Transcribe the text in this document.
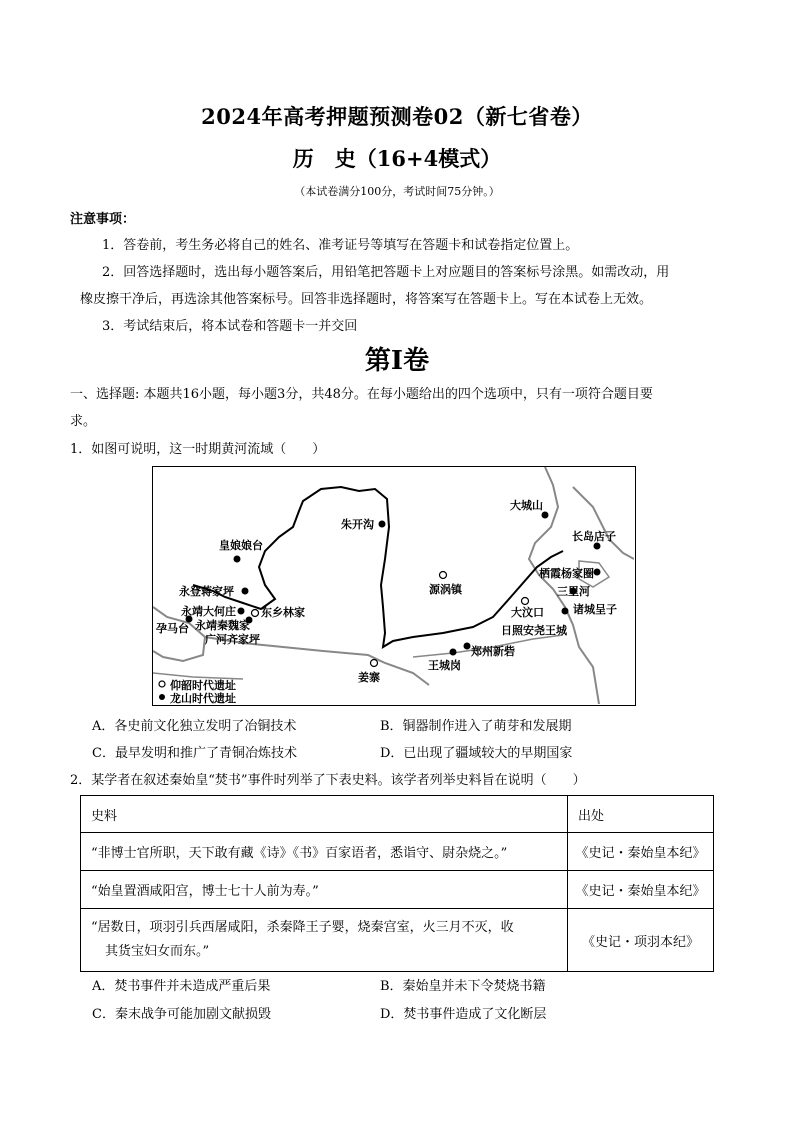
2024年高考押题预测卷02（新七省卷）
历　史（16+4模式）
（本试卷满分100分，考试时间75分钟。）
注意事项：
1．答卷前，考生务必将自己的姓名、准考证号等填写在答题卡和试卷指定位置上。
2．回答选择题时，选出每小题答案后，用铅笔把答题卡上对应题目的答案标号涂黑。如需改动，用
橡皮擦干净后，再选涂其他答案标号。回答非选择题时，将答案写在答题卡上。写在本试卷上无效。
3．考试结束后，将本试卷和答题卡一并交回
第Ⅰ卷
一、选择题: 本题共16小题，每小题3分，共48分。在每小题给出的四个选项中，只有一项符合题目要
求。
1．如图可说明，这一时期黄河流域（　　）
朱开沟
皇娘娘台
源涡镇
永登蒋家坪
永靖大何庄 东乡林家
孕马台 永靖秦魏家
广河齐家坪
姜寨
王城岗
郑州新砦
大城山
长岛店子
栖霞杨家圈
三里河
大汶口	诸城呈子
日照安尧王城
仰韶时代遗址
龙山时代遗址
A．各史前文化独立发明了冶铜技术	B．铜器制作进入了萌芽和发展期
C．最早发明和推广了青铜冶炼技术	D．已出现了疆域较大的早期国家
2．某学者在叙述秦始皇“焚书”事件时列举了下表史料。该学者列举史料旨在说明（　　）
史料	出处
“非博士官所职，天下敢有藏《诗》《书》百家语者，悉诣守、尉杂烧之。”	《史记・秦始皇本纪》
“始皇置酒咸阳宫，博士七十人前为寿。”	《史记・秦始皇本纪》

“居数日，项羽引兵西屠咸阳，杀秦降王子婴，烧秦宫室，火三月不灭，收
其货宝妇女而东。”	《史记・项羽本纪》
A．焚书事件并未造成严重后果	B．秦始皇并未下令焚烧书籍
C．秦末战争可能加剧文献损毁	D．焚书事件造成了文化断层
